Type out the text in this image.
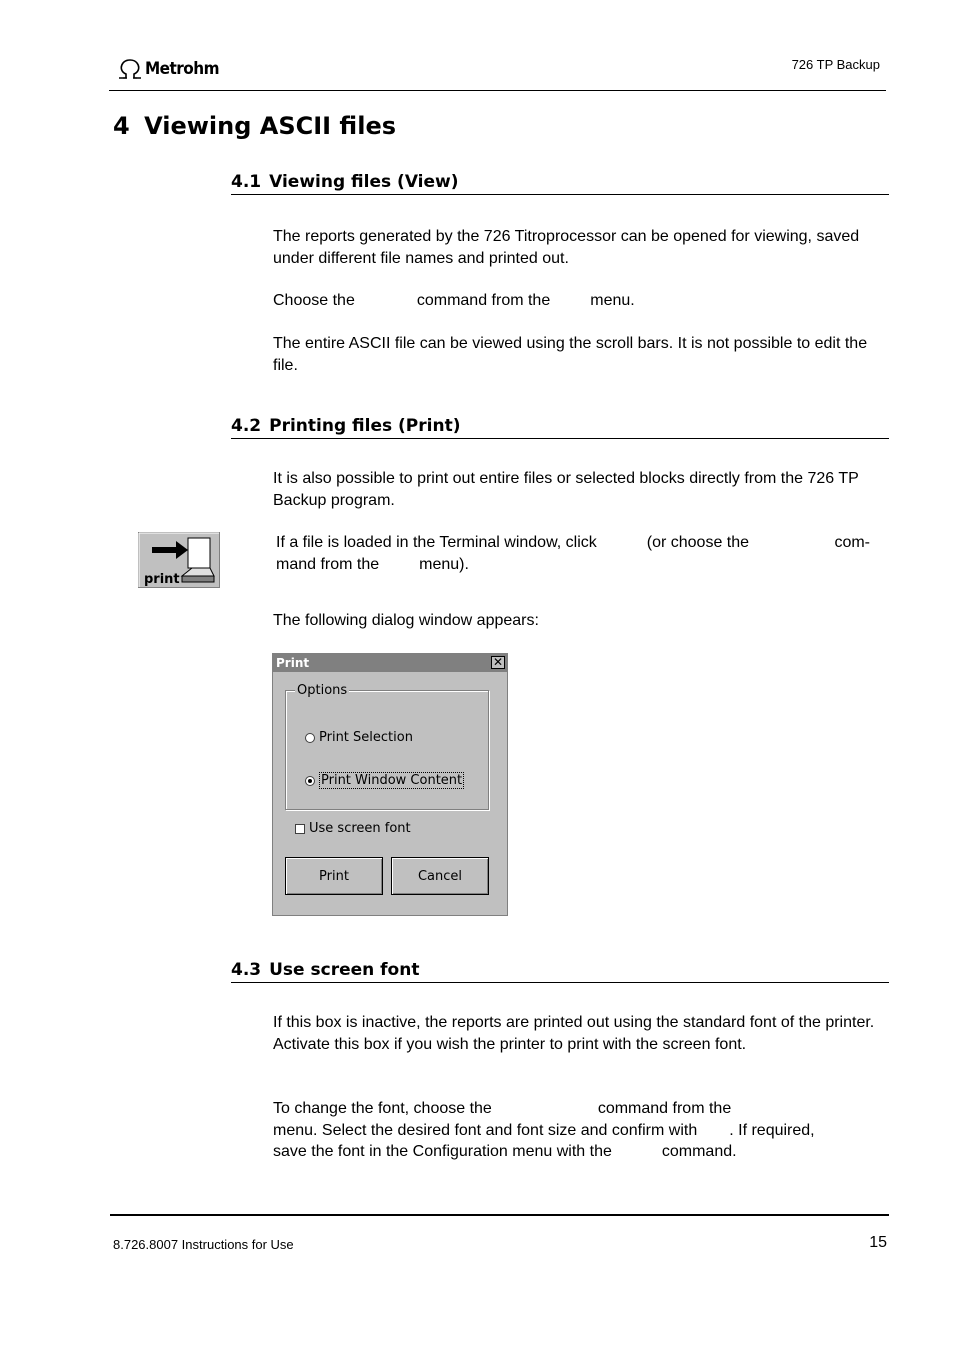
Metrohm	726 TP Backup
4 Viewing ASCII files
4.1 Viewing files (View)
The reports generated by the 726 Titroprocessor can be opened for viewing, saved under different file names and printed out.
Choose the	command from the	menu.
The entire ASCII file can be viewed using the scroll bars. It is not possible to edit the file.
4.2 Printing files (Print)
It is also possible to print out entire files or selected blocks directly from the 726 TP Backup program.
print
If a file is loaded in the Terminal window, click	(or choose the	com-
mand from the	menu).
The following dialog window appears:
Print	✕
Options
Print Selection
Print Window Content
Use screen font
Print	Cancel
4.3 Use screen font
If this box is inactive, the reports are printed out using the standard font of the printer.
Activate this box if you wish the printer to print with the screen font.
To change the font, choose the	command from the
menu. Select the desired font and font size and confirm with . If required,
save the font in the Configuration menu with the	command.
8.726.8007 Instructions for Use	15
